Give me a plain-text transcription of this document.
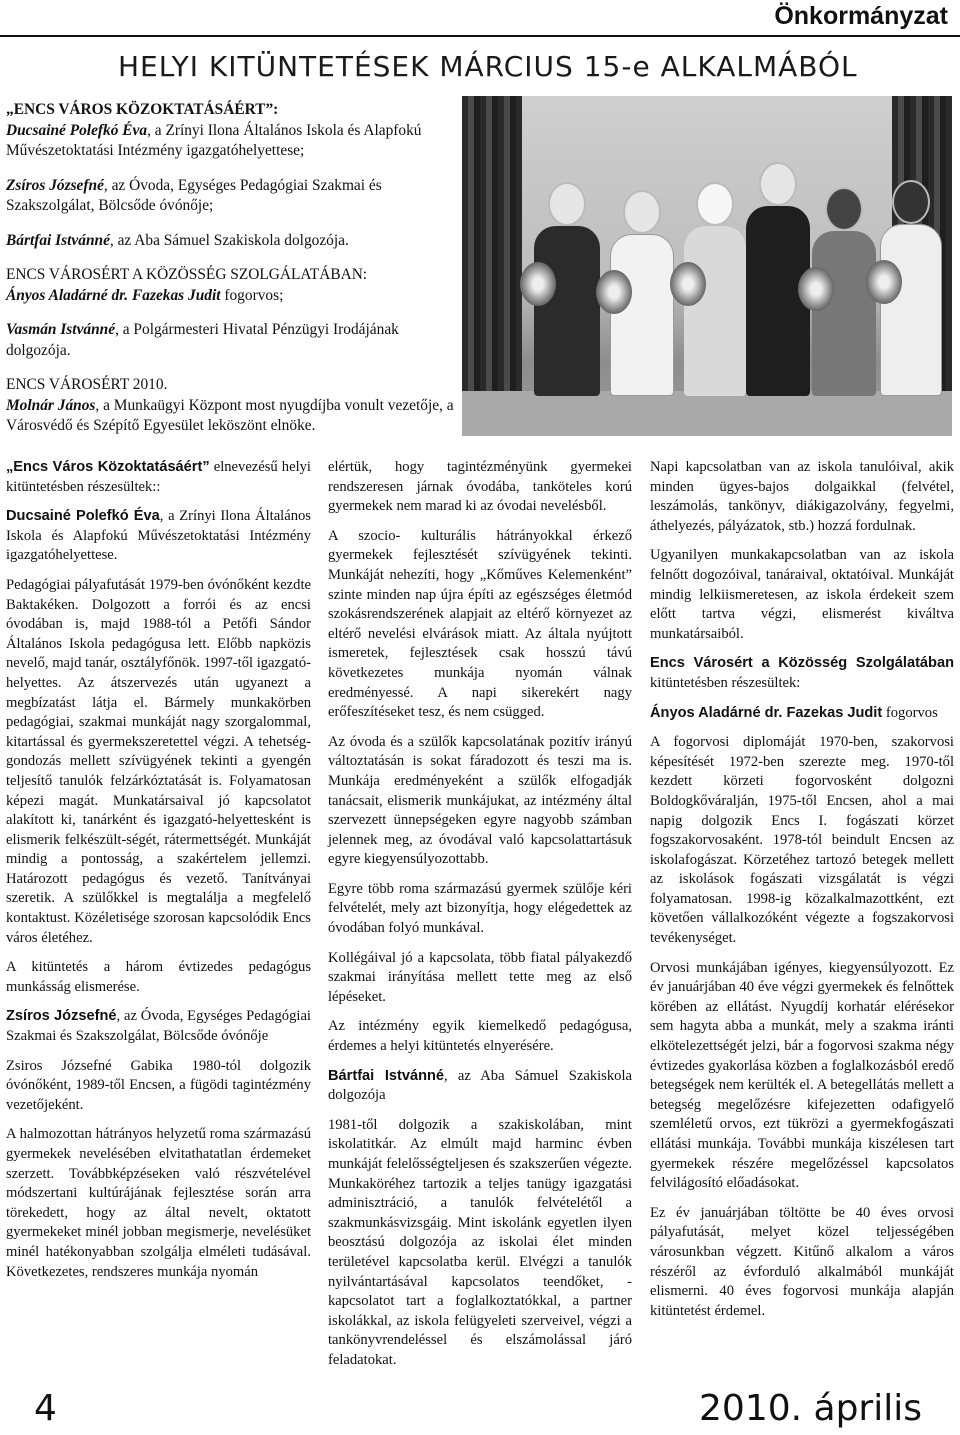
Önkormányzat
HELYI KITÜNTETÉSEK MÁRCIUS 15-e ALKALMÁBÓL

„ENCS VÁROS KÖZOKTATÁSÁÉRT”:

Ducsainé Polefkó Éva, a Zrínyi Ilona Általános Iskola és Alapfokú Művészetoktatási Intézmény igazgatóhelyettese;

Zsíros Józsefné, az Óvoda, Egységes Pedagógiai Szakmai és Szakszolgálat, Bölcsőde óvónője;

Bártfai Istvánné, az Aba Sámuel Szakiskola dolgozója.

ENCS VÁROSÉRT A KÖZÖSSÉG SZOLGÁLATÁBAN:

Ányos Aladárné dr. Fazekas Judit fogorvos;

Vasmán Istvánné, a Polgármesteri Hivatal Pénzügyi Irodájának dolgozója.

ENCS VÁROSÉRT 2010.

Molnár János, a Munkaügyi Központ most nyugdíjba vonult vezetője, a Városvédő és Szépítő Egyesület leköszönt elnöke.

„Encs Város Közoktatásáért” elnevezésű helyi kitüntetésben részesültek::

Ducsainé Polefkó Éva, a Zrínyi Ilona Általános Iskola és Alapfokú Művészetoktatási Intézmény igazgatóhelyettese.

Pedagógiai pályafutását 1979-ben óvónőként kezdte Baktakéken. Dolgozott a forrói és az encsi óvodában is, majd 1988-tól a Petőfi Sándor Általános Iskola pedagógusa lett. Előbb napközis nevelő, majd tanár, osztályfőnök. 1997-től igazgató-helyettes. Az átszervezés után ugyanezt a megbízatást látja el. Bármely munkakörben pedagógiai, szakmai munkáját nagy szorgalommal, kitartással és gyermekszeretettel végzi. A tehetség-gondozás mellett szívügyének tekinti a gyengén teljesítő tanulók felzárkóztatását is. Folyamatosan képezi magát. Munkatársaival jó kapcsolatot alakított ki, tanárként és igazgató-helyettesként is elismerik felkészült-ségét, rátermettségét. Munkáját mindig a pontosság, a szakértelem jellemzi. Határozott pedagógus és vezető. Tanítványai szeretik. A szülőkkel is megtalálja a megfelelő kontaktust. Közéletisége szorosan kapcsolódik Encs város életéhez.

A kitüntetés a három évtizedes pedagógus munkásság elismerése.

Zsíros Józsefné, az Óvoda, Egységes Pedagógiai Szakmai és Szakszolgálat, Bölcsőde óvónője

Zsiros Józsefné Gabika 1980-tól dolgozik óvónőként, 1989-től Encsen, a fügödi tagintézmény vezetőjeként.

A halmozottan hátrányos helyzetű roma származású gyermekek nevelésében elvitathatatlan érdemeket szerzett. Továbbképzéseken való részvételével módszertani kultúrájának fejlesztése során arra törekedett, hogy az által nevelt, oktatott gyermekeket minél jobban megismerje, nevelésüket minél hatékonyabban szolgálja elméleti tudásával. Következetes, rendszeres munkája nyomán

elértük, hogy tagintézményünk gyermekei rendszeresen járnak óvodába, tanköteles korú gyermekek nem marad ki az óvodai nevelésből.

A szocio- kulturális hátrányokkal érkező gyermekek fejlesztését szívügyének tekinti. Munkáját nehezíti, hogy „Kőműves Kelemenként” szinte minden nap újra építi az egészséges életmód szokásrendszerének alapjait az eltérő környezet az eltérő nevelési elvárások miatt. Az általa nyújtott ismeretek, fejlesztések csak hosszú távú következetes munkája nyomán válnak eredményessé. A napi sikerekért nagy erőfeszítéseket tesz, és nem csügged.

Az óvoda és a szülők kapcsolatának pozitív irányú változtatásán is sokat fáradozott és teszi ma is. Munkája eredményeként a szülők elfogadják tanácsait, elismerik munkájukat, az intézmény által szervezett ünnepségeken egyre nagyobb számban jelennek meg, az óvodával való kapcsolattartásuk egyre kiegyensúlyozottabb.

Egyre több roma származású gyermek szülője kéri felvételét, mely azt bizonyítja, hogy elégedettek az óvodában folyó munkával.

Kollégáival jó a kapcsolata, több fiatal pályakezdő szakmai irányítása mellett tette meg az első lépéseket.

Az intézmény egyik kiemelkedő pedagógusa, érdemes a helyi kitüntetés elnyerésére.

Bártfai Istvánné, az Aba Sámuel Szakiskola dolgozója

1981-től dolgozik a szakiskolában, mint iskolatitkár. Az elmúlt majd harminc évben munkáját felelősségteljesen és szakszerűen végezte. Munkaköréhez tartozik a teljes tanügy igazgatási adminisztráció, a tanulók felvételétől a szakmunkásvizsgáig. Mint iskolánk egyetlen ilyen beosztású dolgozója az iskolai élet minden területével kapcsolatba kerül. Elvégzi a tanulók nyilvántartásával kapcsolatos teendőket, - kapcsolatot tart a foglalkoztatókkal, a partner iskolákkal, az iskola felügyeleti szerveivel, végzi a tankönyvrendeléssel és elszámolással járó feladatokat.

Napi kapcsolatban van az iskola tanulóival, akik minden ügyes-bajos dolgaikkal (felvétel, leszámolás, tankönyv, diákigazolvány, fegyelmi, áthelyezés, pályázatok, stb.) hozzá fordulnak.

Ugyanilyen munkakapcsolatban van az iskola felnőtt dogozóival, tanáraival, oktatóival. Munkáját mindig lelkiismeretesen, az iskola érdekeit szem előtt tartva végzi, elismerést kiváltva munkatársaiból.

Encs Városért a Közösség Szolgálatában kitüntetésben részesültek:

Ányos Aladárné dr. Fazekas Judit fogorvos

A fogorvosi diplomáját 1970-ben, szakorvosi képesítését 1972-ben szerezte meg. 1970-től kezdett körzeti fogorvosként dolgozni Boldogkőváralján, 1975-től Encsen, ahol a mai napig dolgozik Encs I. fogászati körzet fogszakorvosaként. 1978-tól beindult Encsen az iskolafogászat. Körzetéhez tartozó betegek mellett az iskolások fogászati vizsgálatát is végzi folyamatosan. 1998-ig közalkalmazottként, ezt követően vállalkozóként végezte a fogszakorvosi tevékenységet.

Orvosi munkájában igényes, kiegyensúlyozott. Ez év januárjában 40 éve végzi gyermekek és felnőttek körében az ellátást. Nyugdíj korhatár elérésekor sem hagyta abba a munkát, mely a szakma iránti elkötelezettségét jelzi, bár a fogorvosi szakma négy évtizedes gyakorlása közben a foglalkozásból eredő betegségek nem kerülték el. A betegellátás mellett a betegség megelőzésre kifejezetten odafigyelő szemléletű orvos, ezt tükrözi a gyermekfogászati ellátási munkája. További munkája kiszélesen tart gyermekek részére megelőzéssel kapcsolatos felvilágosító előadásokat.

Ez év januárjában töltötte be 40 éves orvosi pályafutását, melyet közel teljességében városunkban végzett. Kitűnő alkalom a város részéről az évforduló alkalmából munkáját elismerni. 40 éves fogorvosi munkája alapján kitüntetést érdemel.

4	2010. április
